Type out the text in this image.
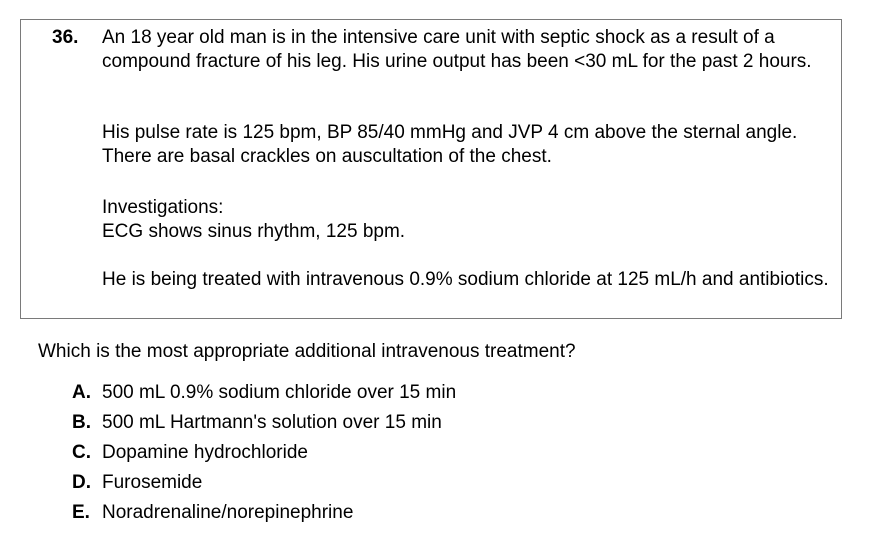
36. An 18 year old man is in the intensive care unit with septic shock as a result of a compound fracture of his leg. His urine output has been <30 mL for the past 2 hours.

His pulse rate is 125 bpm, BP 85/40 mmHg and JVP 4 cm above the sternal angle. There are basal crackles on auscultation of the chest.

Investigations:
ECG shows sinus rhythm, 125 bpm.

He is being treated with intravenous 0.9% sodium chloride at 125 mL/h and antibiotics.

Which is the most appropriate additional intravenous treatment?

A. 500 mL 0.9% sodium chloride over 15 min
B. 500 mL Hartmann's solution over 15 min
C. Dopamine hydrochloride
D. Furosemide
E. Noradrenaline/norepinephrine
